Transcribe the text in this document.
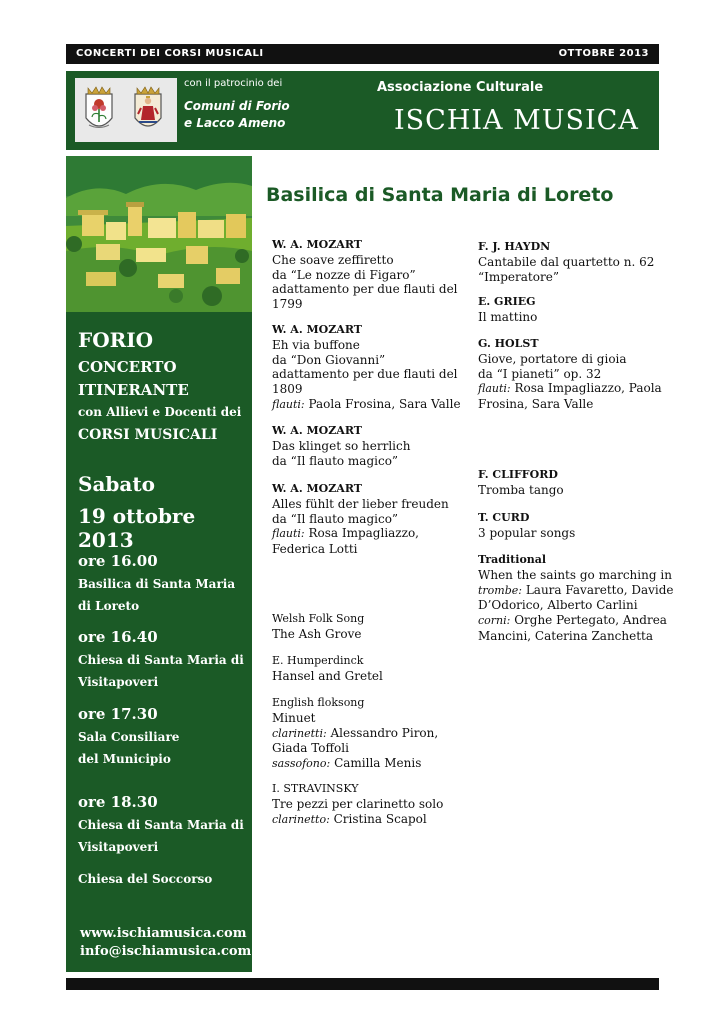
CONCERTI DEI CORSI MUSICALI	OTTOBRE 2013
con il patrocinio dei
Comuni di Forio
e Lacco Ameno
Associazione Culturale
ISCHIA MUSICA
FORIO
CONCERTO
ITINERANTE
con Allievi e Docenti dei
CORSI MUSICALI
Sabato
19 ottobre 2013
ore 16.00
Basilica di Santa Maria
di Loreto
ore 16.40
Chiesa di Santa Maria di
Visitapoveri
ore 17.30
Sala Consiliare
del Municipio
ore 18.30
Chiesa di Santa Maria di
Visitapoveri
Chiesa del Soccorso
www.ischiamusica.com
info@ischiamusica.com
Basilica di Santa Maria di Loreto
W. A. MOZART
Che soave zeffiretto
da “Le nozze di Figaro”
adattamento per due flauti del
1799
W. A. MOZART
Eh via buffone
da “Don Giovanni”
adattamento per due flauti del
1809
flauti: Paola Frosina, Sara Valle
W. A. MOZART
Das klinget so herrlich
da “Il flauto magico”
W. A. MOZART
Alles fühlt der lieber freuden
da “Il flauto magico”
flauti: Rosa Impagliazzo,
Federica Lotti
Welsh Folk Song
The Ash Grove
E. Humperdinck
Hansel and Gretel
English floksong
Minuet
clarinetti: Alessandro Piron,
Giada Toffoli
sassofono: Camilla Menis
I. STRAVINSKY
Tre pezzi per clarinetto solo
clarinetto: Cristina Scapol
F. J. HAYDN
Cantabile dal quartetto n. 62
“Imperatore”
E. GRIEG
Il mattino
G. HOLST
Giove, portatore di gioia
da “I pianeti” op. 32
flauti: Rosa Impagliazzo, Paola
Frosina, Sara Valle
F. CLIFFORD
Tromba tango
T. CURD
3 popular songs
Traditional
When the saints go marching in
trombe: Laura Favaretto, Davide
D’Odorico, Alberto Carlini
corni: Orghe Pertegato, Andrea
Mancini, Caterina Zanchetta
